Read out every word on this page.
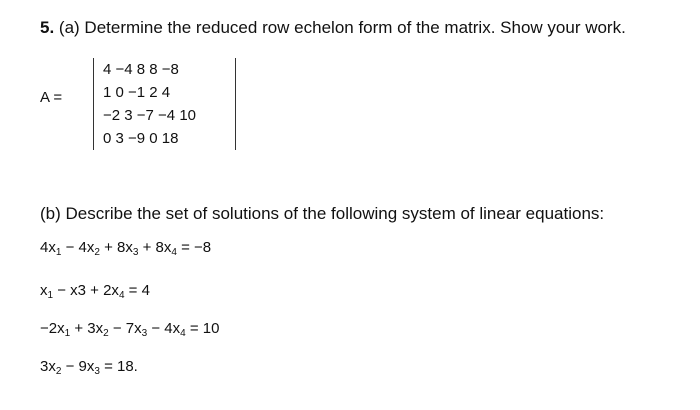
5. (a) Determine the reduced row echelon form of the matrix. Show your work.
A =
4 −4 8 8 −8
1 0 −1 2 4
−2 3 −7 −4 10
0 3 −9 0 18
(b) Describe the set of solutions of the following system of linear equations:
$4x_1 - 4x_2 + 8x_3 + 8x_4 = -8$
$x_1 - x3 + 2x_4 = 4$
$-2x_1 + 3x_2 - 7x_3 - 4x_4 = 10$
$3x_2 - 9x_3 = 18$.
